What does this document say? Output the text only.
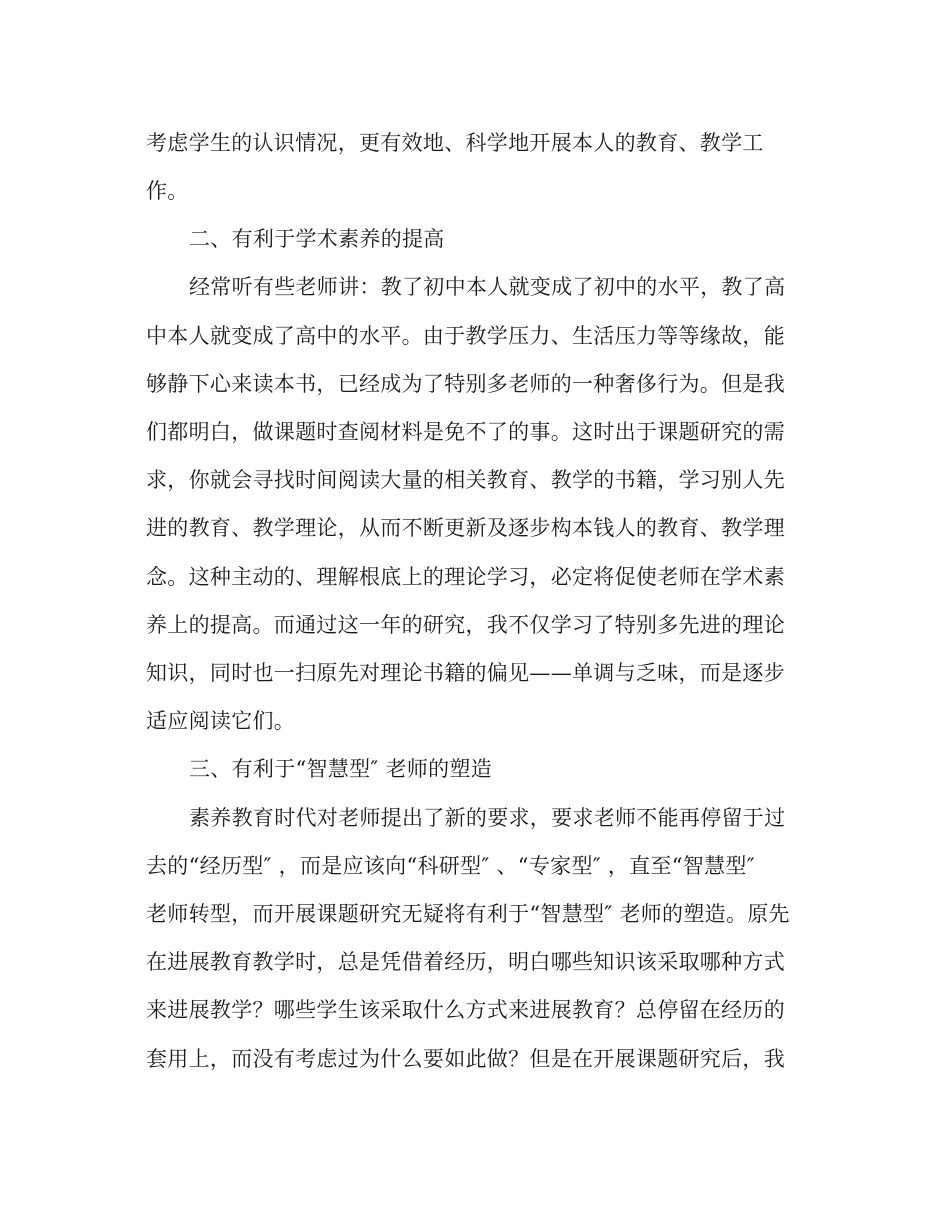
考虑学生的认识情况，更有效地、科学地开展本人的教育、教学工
作。
二、有利于学术素养的提高
经常听有些老师讲：教了初中本人就变成了初中的水平，教了高
中本人就变成了高中的水平。由于教学压力、生活压力等等缘故，能
够静下心来读本书，已经成为了特别多老师的一种奢侈行为。但是我
们都明白，做课题时查阅材料是免不了的事。这时出于课题研究的需
求，你就会寻找时间阅读大量的相关教育、教学的书籍，学习别人先
进的教育、教学理论，从而不断更新及逐步构本钱人的教育、教学理
念。这种主动的、理解根底上的理论学习，必定将促使老师在学术素
养上的提高。而通过这一年的研究，我不仅学习了特别多先进的理论
知识，同时也一扫原先对理论书籍的偏见——单调与乏味，而是逐步
适应阅读它们。
三、有利于“智慧型″ 老师的塑造
素养教育时代对老师提出了新的要求，要求老师不能再停留于过
去的“经历型″ ，而是应该向“科研型″ 、“专家型″ ，直至“智慧型″
老师转型，而开展课题研究无疑将有利于“智慧型″ 老师的塑造。原先
在进展教育教学时，总是凭借着经历，明白哪些知识该采取哪种方式
来进展教学？哪些学生该采取什么方式来进展教育？总停留在经历的
套用上，而没有考虑过为什么要如此做？但是在开展课题研究后，我
